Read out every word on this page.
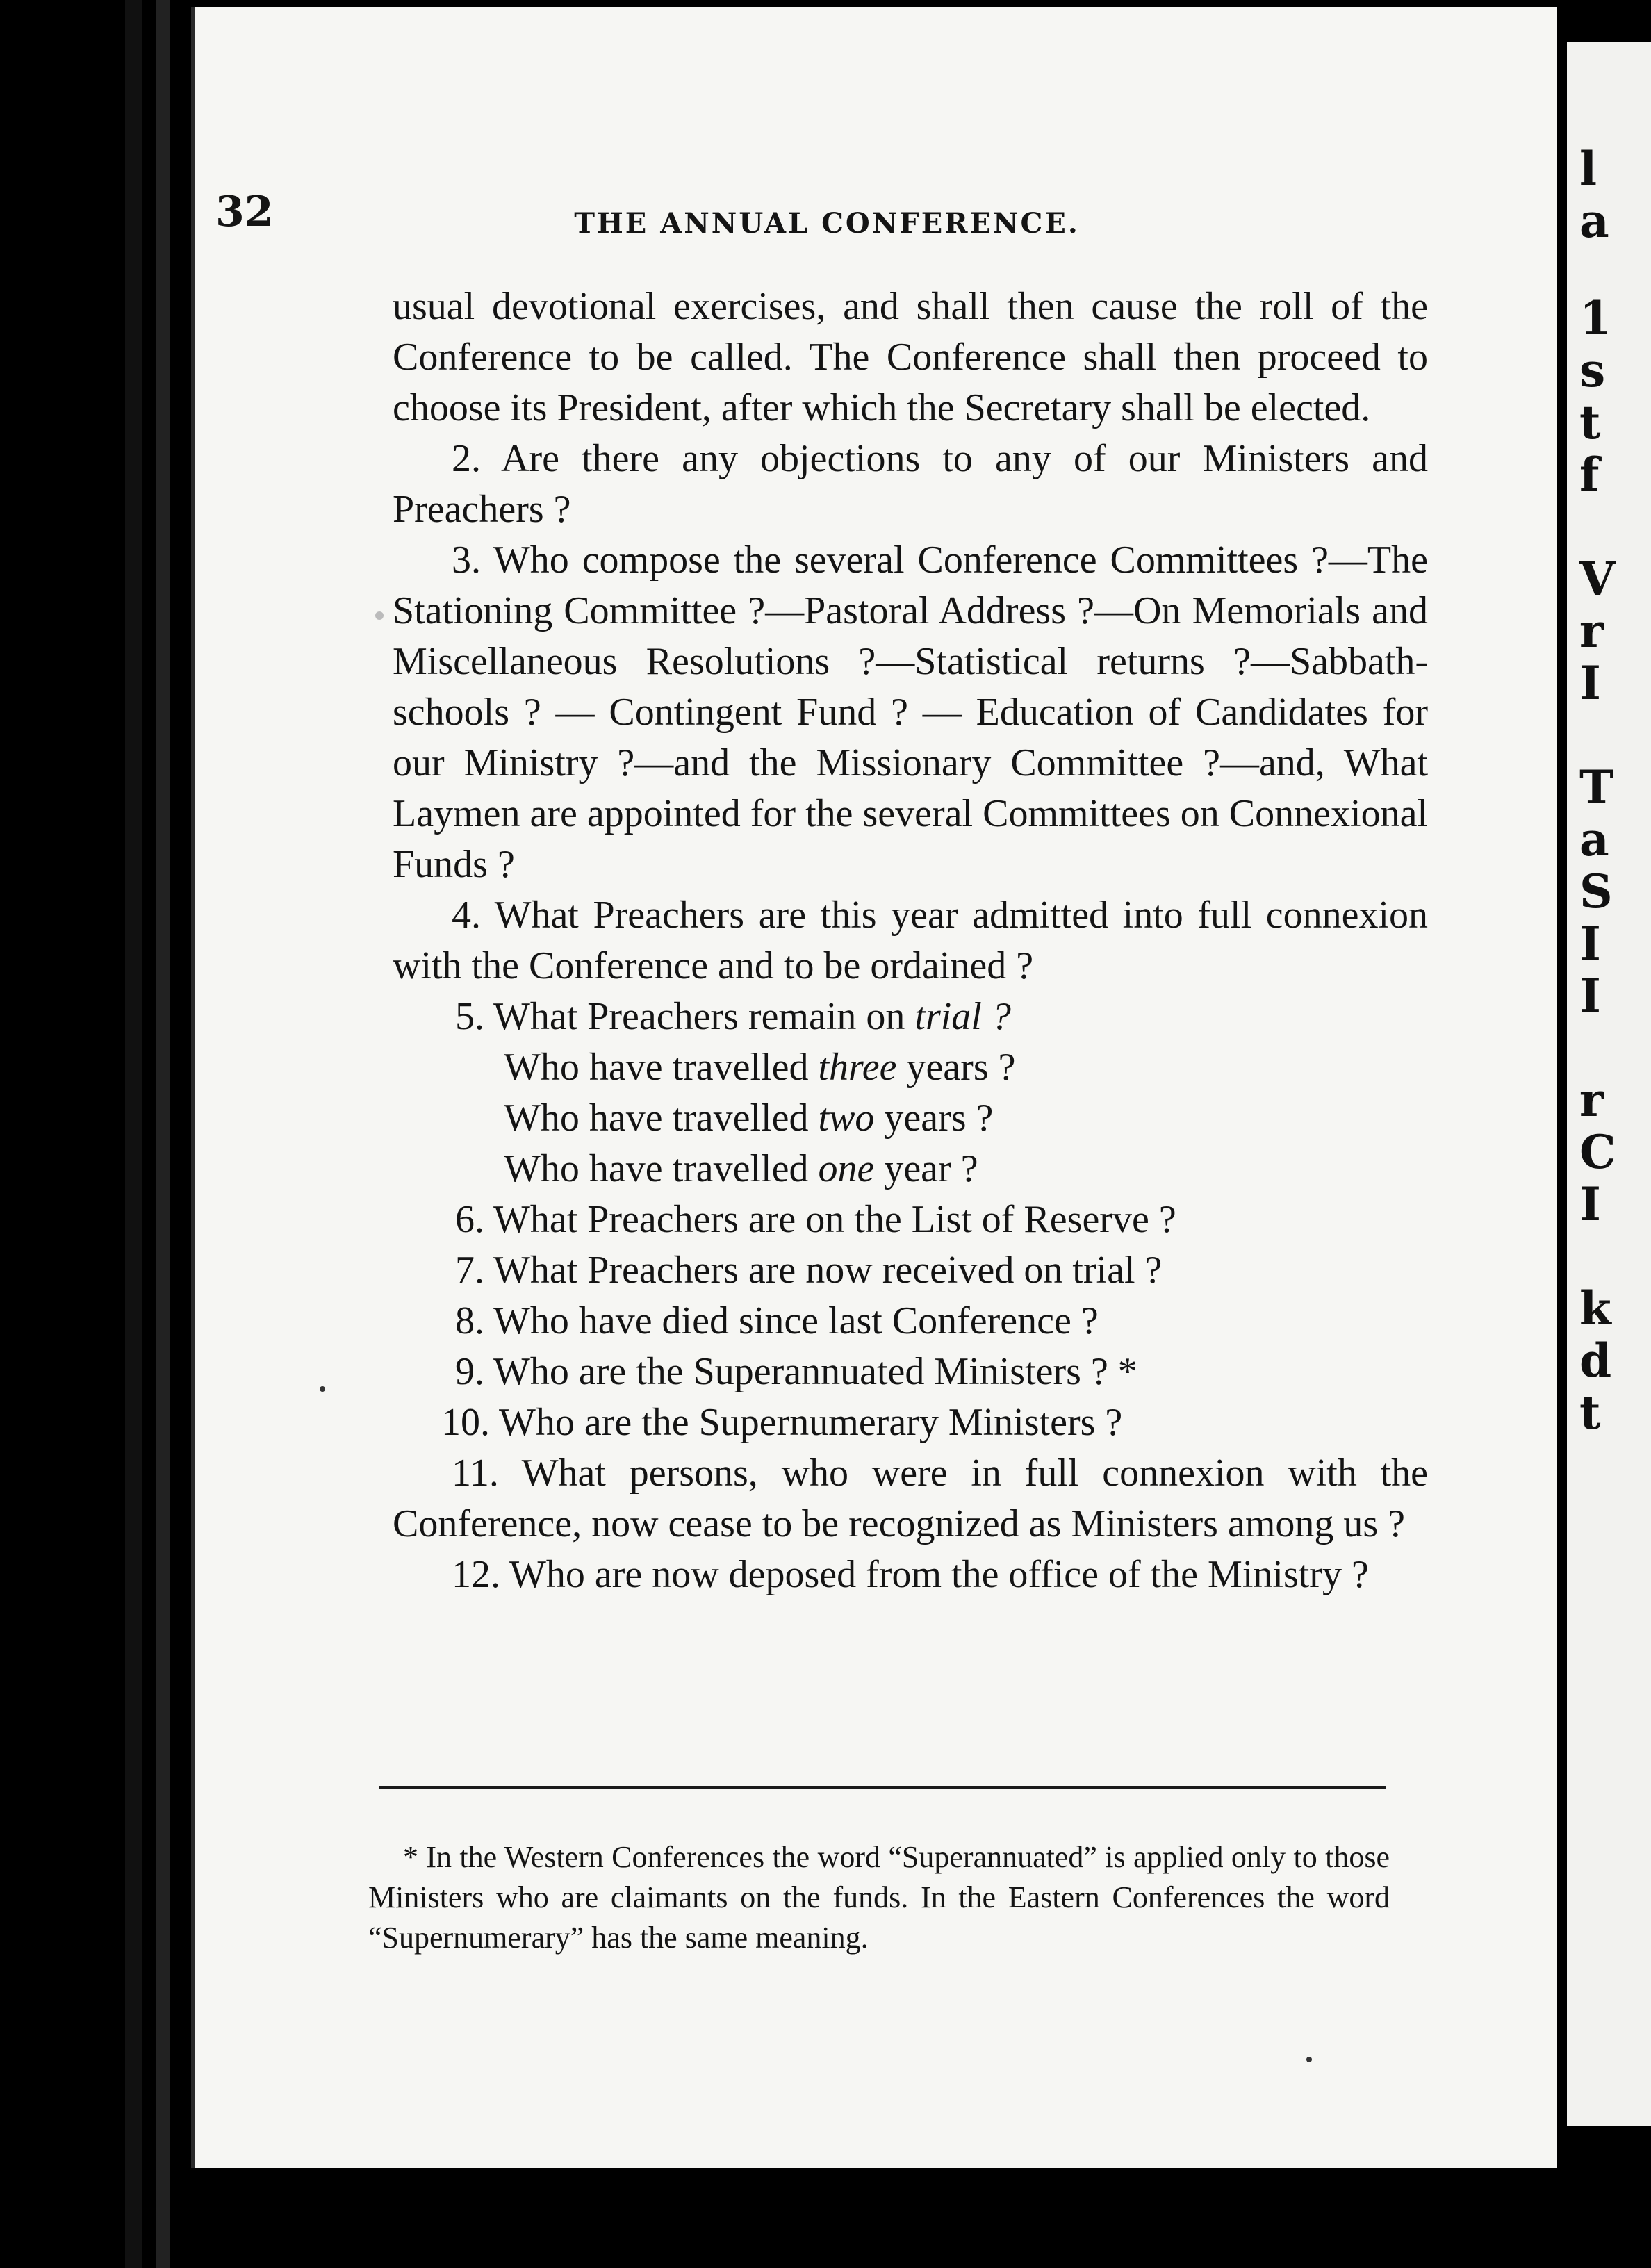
l
a
1
s
t
f
V
r
I
T
a
S
I
I
r
C
I
k
d
t
32	THE ANNUAL CONFERENCE.

usual devotional exercises, and shall then cause the roll of the Conference to be called. The Conference shall then proceed to choose its President, after which the Secretary shall be elected.

2. Are there any objections to any of our Ministers and Preachers ?

3. Who compose the several Conference Committees ?—The Stationing Committee ?—Pastoral Address ?—On Memorials and Miscellaneous Resolutions ?—Statistical returns ?—Sabbath-schools ? — Contingent Fund ? — Education of Candidates for our Ministry ?—and the Missionary Committee ?—and, What Laymen are appointed for the several Committees on Connexional Funds ?

4. What Preachers are this year admitted into full connexion with the Conference and to be ordained ?

5. What Preachers remain on trial ?

Who have travelled three years ?

Who have travelled two years ?

Who have travelled one year ?

6. What Preachers are on the List of Reserve ?

7. What Preachers are now received on trial ?

8. Who have died since last Conference ?

9. Who are the Superannuated Ministers ? *

10. Who are the Supernumerary Ministers ?

11. What persons, who were in full connexion with the Conference, now cease to be recognized as Ministers among us ?

12. Who are now deposed from the office of the Ministry ?

* In the Western Conferences the word “Superannuated” is applied only to those Ministers who are claimants on the funds. In the Eastern Conferences the word “Supernumerary” has the same meaning.
